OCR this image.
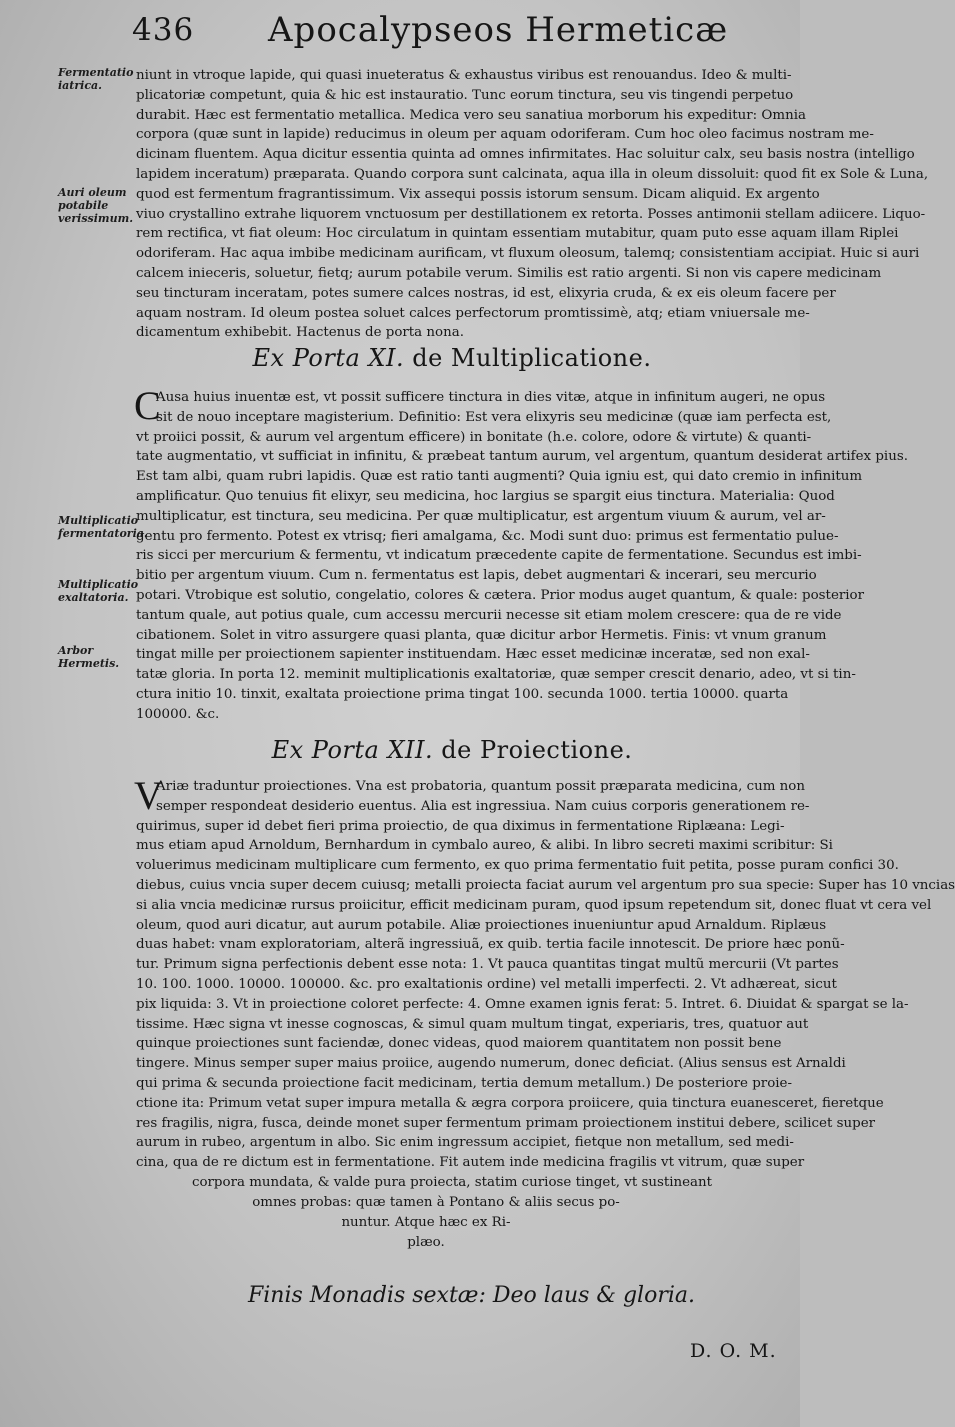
436 Apocalypseos Hermeticæ
Fermentatio iatrica.
Auri oleum potabile verissimum.
Multiplicatio fermentatoria.
Multiplicatio exaltatoria.
Arbor Hermetis.
niunt in vtroque lapide, qui quasi inueteratus & exhaustus viribus est renouandus. Ideo & multi-
plicatoriæ competunt, quia & hic est instauratio. Tunc eorum tinctura, seu vis tingendi perpetuo
durabit. Hæc est fermentatio metallica. Medica vero seu sanatiua morborum his expeditur: Omnia
corpora (quæ sunt in lapide) reducimus in oleum per aquam odoriferam. Cum hoc oleo facimus nostram me-
dicinam fluentem. Aqua dicitur essentia quinta ad omnes infirmitates. Hac soluitur calx, seu basis nostra (intelligo
lapidem inceratum) præparata. Quando corpora sunt calcinata, aqua illa in oleum dissoluit: quod fit ex Sole & Luna,
quod est fermentum fragrantissimum. Vix assequi possis istorum sensum. Dicam aliquid. Ex argento
viuo crystallino extrahe liquorem vnctuosum per destillationem ex retorta. Posses antimonii stellam adiicere. Liquo-
rem rectifica, vt fiat oleum: Hoc circulatum in quintam essentiam mutabitur, quam puto esse aquam illam Riplei
odoriferam. Hac aqua imbibe medicinam aurificam, vt fluxum oleosum, talemq; consistentiam accipiat. Huic si auri
calcem inieceris, soluetur, fietq; aurum potabile verum. Similis est ratio argenti. Si non vis capere medicinam
seu tincturam inceratam, potes sumere calces nostras, id est, elixyria cruda, & ex eis oleum facere per
aquam nostram. Id oleum postea soluet calces perfectorum promtissimè, atq; etiam vniuersale me-
dicamentum exhibebit. Hactenus de porta nona.
Ex Porta XI. de Multiplicatione.
C
Ausa huius inuentæ est, vt possit sufficere tinctura in dies vitæ, atque in infinitum augeri, ne opus
sit de nouo inceptare magisterium. Definitio: Est vera elixyris seu medicinæ (quæ iam perfecta est,
vt proiici possit, & aurum vel argentum efficere) in bonitate (h.e. colore, odore & virtute) & quanti-
tate augmentatio, vt sufficiat in infinitu, & præbeat tantum aurum, vel argentum, quantum desiderat artifex pius.
Est tam albi, quam rubri lapidis. Quæ est ratio tanti augmenti? Quia igniu est, qui dato cremio in infinitum
amplificatur. Quo tenuius fit elixyr, seu medicina, hoc largius se spargit eius tinctura. Materialia: Quod
multiplicatur, est tinctura, seu medicina. Per quæ multiplicatur, est argentum viuum & aurum, vel ar-
gentu pro fermento. Potest ex vtrisq; fieri amalgama, &c. Modi sunt duo: primus est fermentatio pulue-
ris sicci per mercurium & fermentu, vt indicatum præcedente capite de fermentatione. Secundus est imbi-
bitio per argentum viuum. Cum n. fermentatus est lapis, debet augmentari & incerari, seu mercurio
potari. Vtrobique est solutio, congelatio, colores & cætera. Prior modus auget quantum, & quale: posterior
tantum quale, aut potius quale, cum accessu mercurii necesse sit etiam molem crescere: qua de re vide
cibationem. Solet in vitro assurgere quasi planta, quæ dicitur arbor Hermetis. Finis: vt vnum granum
tingat mille per proiectionem sapienter instituendam. Hæc esset medicinæ inceratæ, sed non exal-
tatæ gloria. In porta 12. meminit multiplicationis exaltatoriæ, quæ semper crescit denario, adeo, vt si tin-
ctura initio 10. tinxit, exaltata proiectione prima tingat 100. secunda 1000. tertia 10000. quarta
100000. &c.
Ex Porta XII. de Proiectione.
V
Ariæ traduntur proiectiones. Vna est probatoria, quantum possit præparata medicina, cum non
semper respondeat desiderio euentus. Alia est ingressiua. Nam cuius corporis generationem re-
quirimus, super id debet fieri prima proiectio, de qua diximus in fermentatione Riplæana: Legi-
mus etiam apud Arnoldum, Bernhardum in cymbalo aureo, & alibi. In libro secreti maximi scribitur: Si
voluerimus medicinam multiplicare cum fermento, ex quo prima fermentatio fuit petita, posse puram confici 30.
diebus, cuius vncia super decem cuiusq; metalli proiecta faciat aurum vel argentum pro sua specie: Super has 10 vncias
si alia vncia medicinæ rursus proiicitur, efficit medicinam puram, quod ipsum repetendum sit, donec fluat vt cera vel
oleum, quod auri dicatur, aut aurum potabile. Aliæ proiectiones inueniuntur apud Arnaldum. Riplæus
duas habet: vnam exploratoriam, alterã ingressiuã, ex quib. tertia facile innotescit. De priore hæc ponũ-
tur. Primum signa perfectionis debent esse nota: 1. Vt pauca quantitas tingat multũ mercurii (Vt partes
10. 100. 1000. 10000. 100000. &c. pro exaltationis ordine) vel metalli imperfecti. 2. Vt adhæreat, sicut
pix liquida: 3. Vt in proiectione coloret perfecte: 4. Omne examen ignis ferat: 5. Intret. 6. Diuidat & spargat se la-
tissime. Hæc signa vt inesse cognoscas, & simul quam multum tingat, experiaris, tres, quatuor aut
quinque proiectiones sunt faciendæ, donec videas, quod maiorem quantitatem non possit bene
tingere. Minus semper super maius proiice, augendo numerum, donec deficiat. (Alius sensus est Arnaldi
qui prima & secunda proiectione facit medicinam, tertia demum metallum.) De posteriore proie-
ctione ita: Primum vetat super impura metalla & ægra corpora proiicere, quia tinctura euanesceret, fieretque
res fragilis, nigra, fusca, deinde monet super fermentum primam proiectionem institui debere, scilicet super
aurum in rubeo, argentum in albo. Sic enim ingressum accipiet, fietque non metallum, sed medi-
cina, qua de re dictum est in fermentatione. Fit autem inde medicina fragilis vt vitrum, quæ super
corpora mundata, & valde pura proiecta, statim curiose tinget, vt sustineant
omnes probas: quæ tamen à Pontano & aliis secus po-
nuntur. Atque hæc ex Ri-
plæo.
Finis Monadis sextæ: Deo laus & gloria.
D. O. M.
